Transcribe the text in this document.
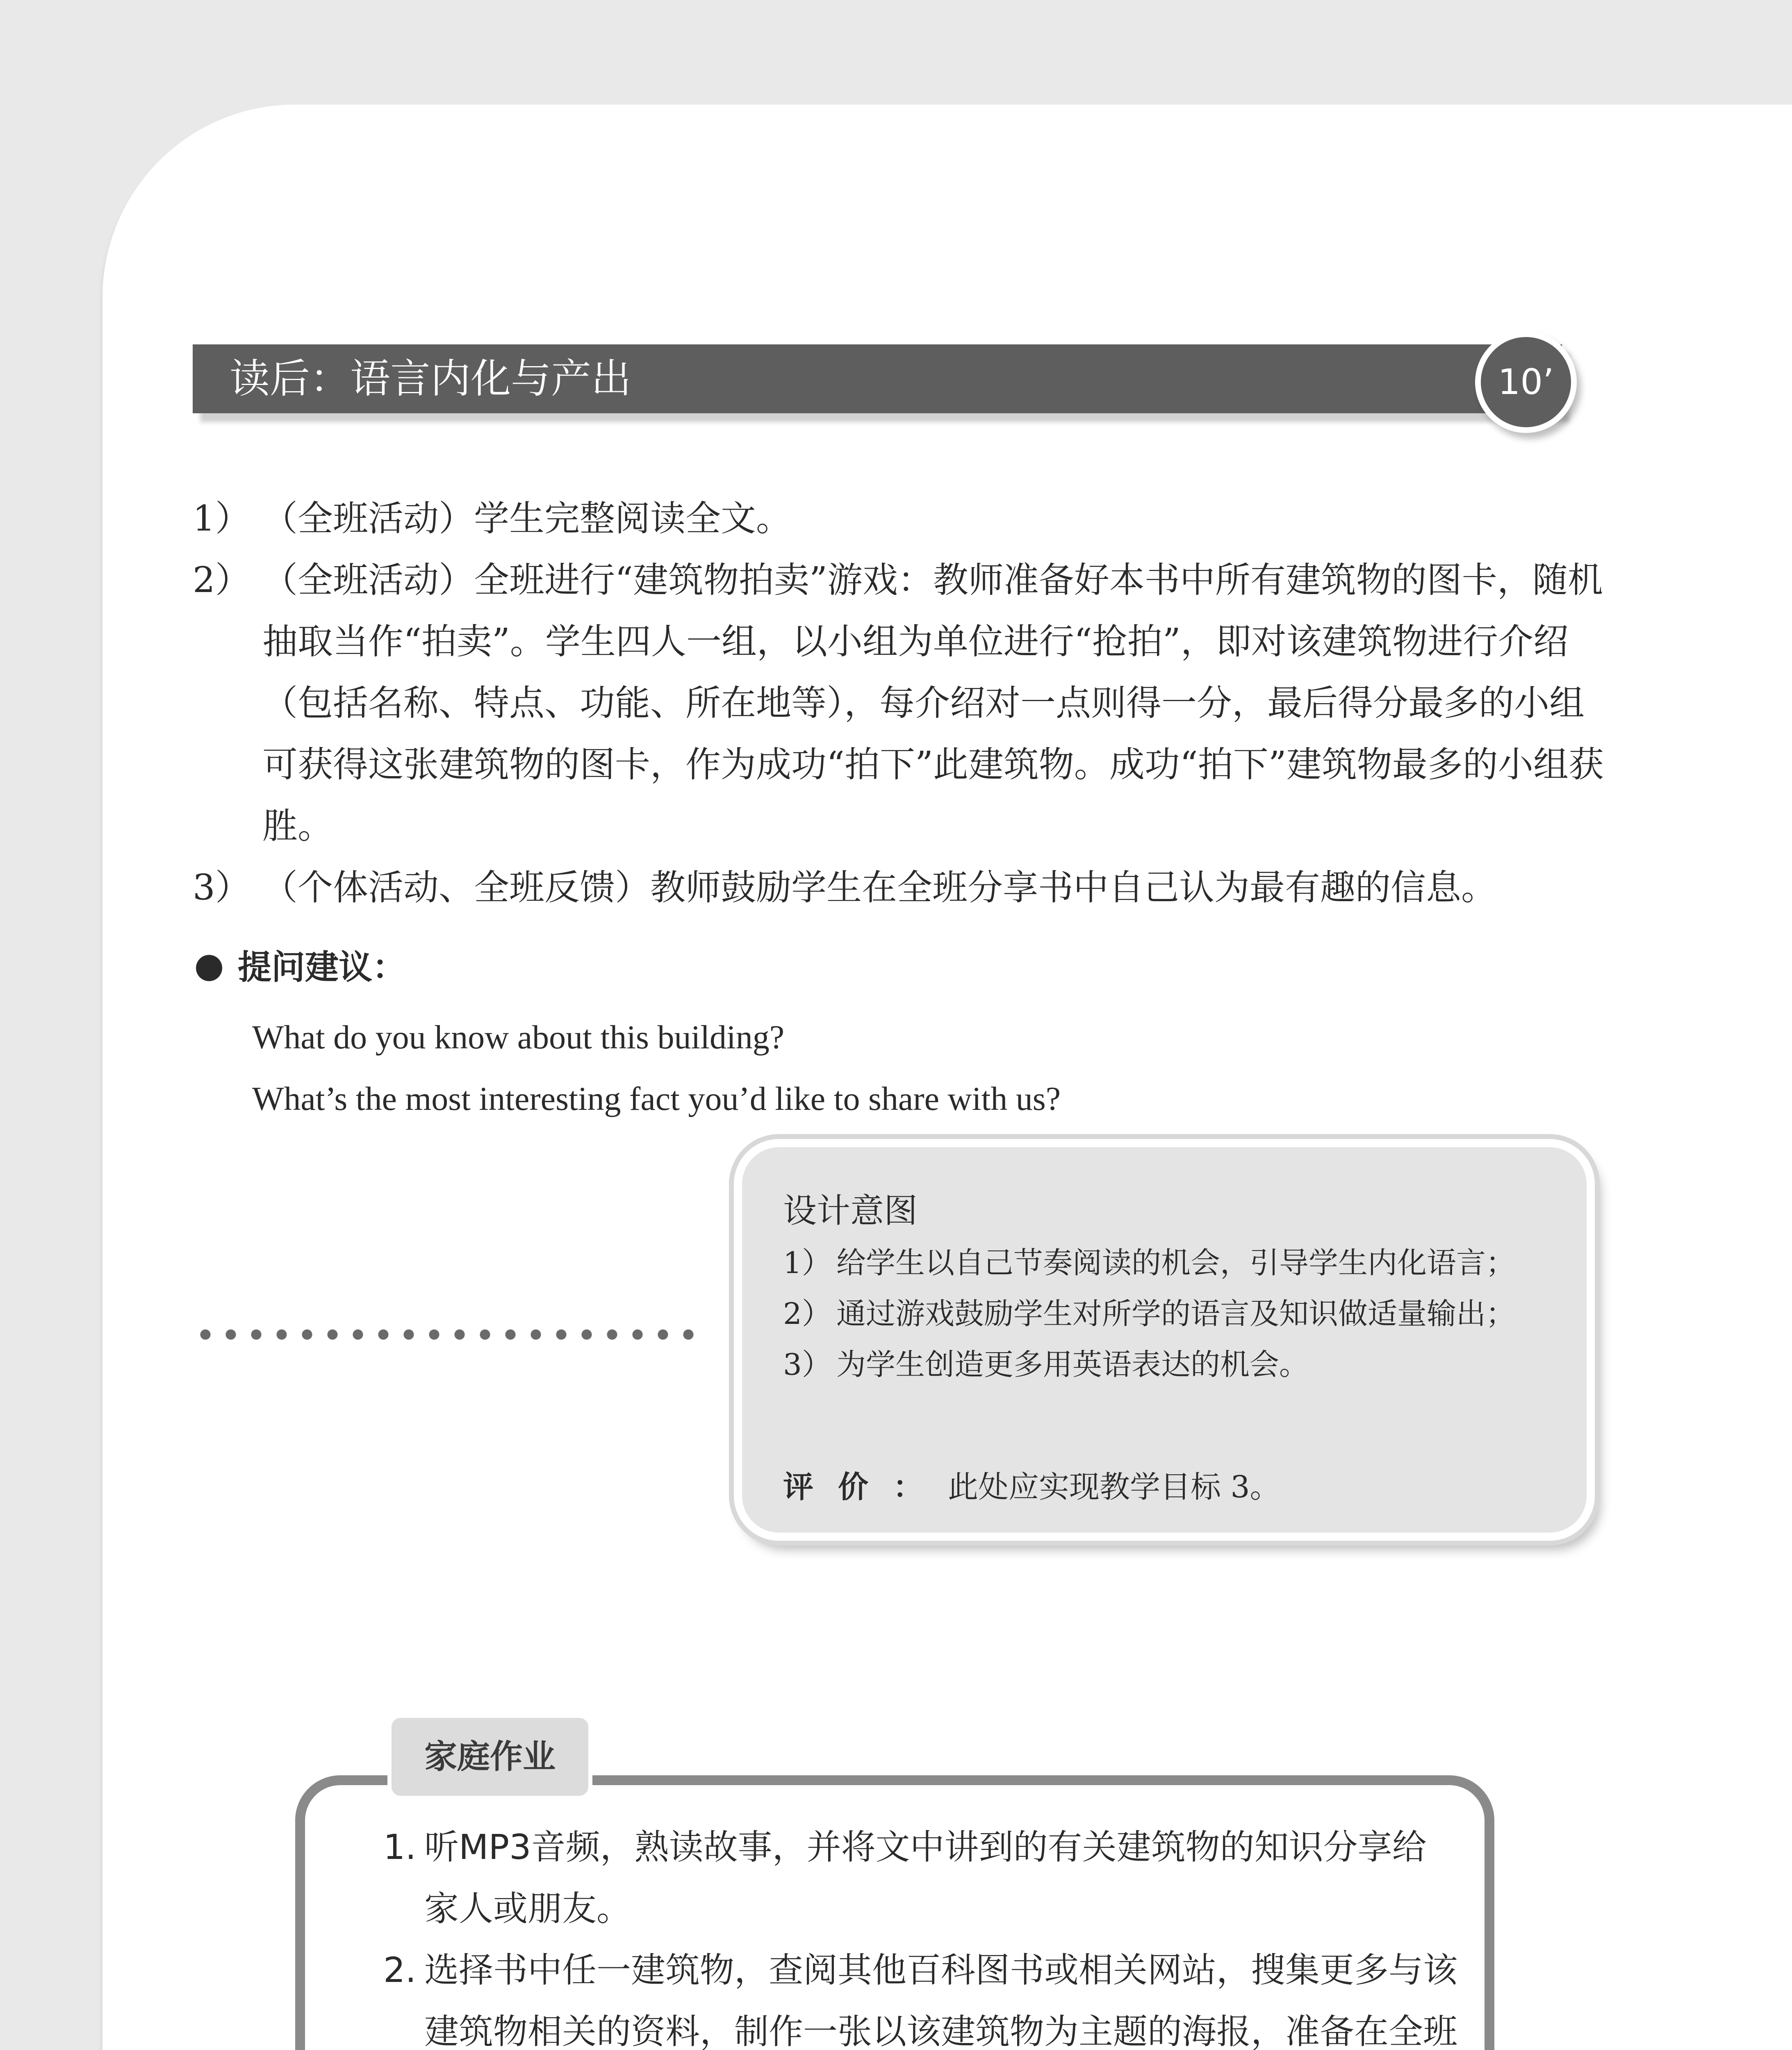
读后：语言内化与产出	10’
1） （全班活动）学生完整阅读全文。
2） （全班活动）全班进行“建筑物拍卖”游戏：教师准备好本书中所有建筑物的图卡，随机抽取当作“拍卖”。学生四人一组，以小组为单位进行“抢拍”，即对该建筑物进行介绍（包括名称、特点、功能、所在地等），每介绍对一点则得一分，最后得分最多的小组可获得这张建筑物的图卡，作为成功“拍下”此建筑物。成功“拍下”建筑物最多的小组获胜。
3） （个体活动、全班反馈）教师鼓励学生在全班分享书中自己认为最有趣的信息。
提问建议：
What do you know about this building?
What’s the most interesting fact you’d like to share with us?
设计意图
1） 给学生以自己节奏阅读的机会，引导学生内化语言；
2） 通过游戏鼓励学生对所学的语言及知识做适量输出；
3） 为学生创造更多用英语表达的机会。
评价：此处应实现教学目标 3。
家庭作业
1. 听MP3音频，熟读故事，并将文中讲到的有关建筑物的知识分享给家人或朋友。
2. 选择书中任一建筑物，查阅其他百科图书或相关网站，搜集更多与该建筑物相关的资料，制作一张以该建筑物为主题的海报，准备在全班
